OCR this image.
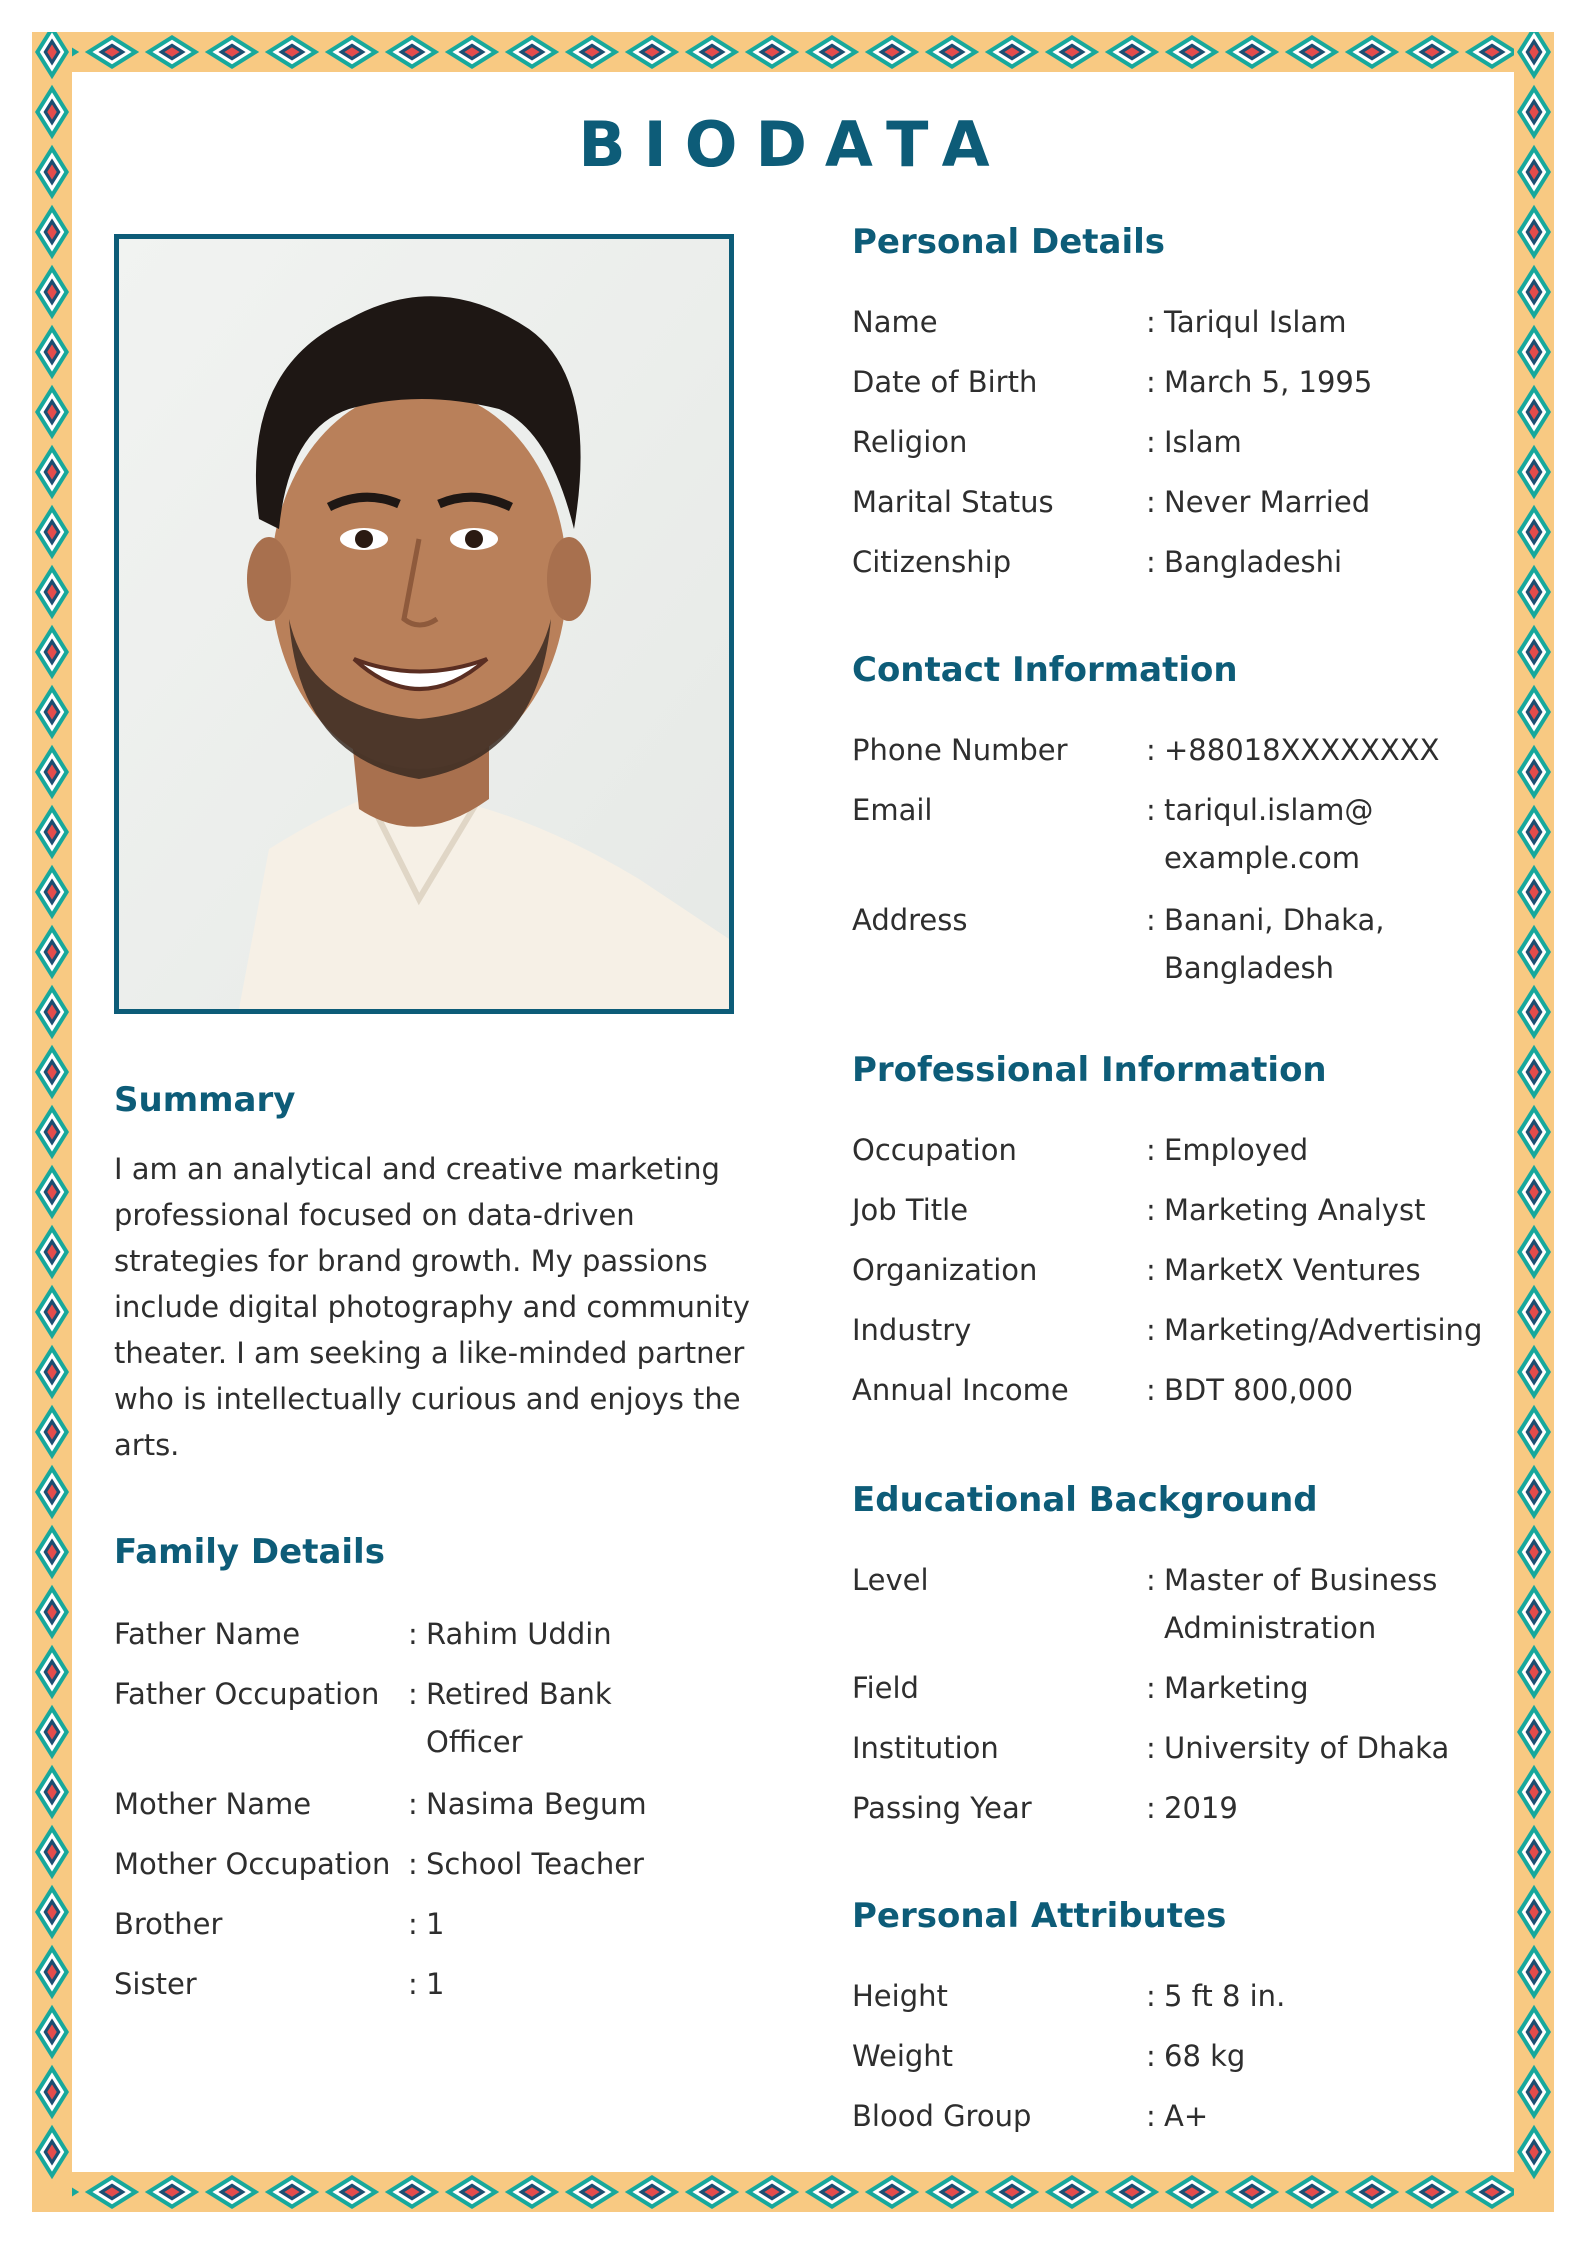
BIODATA
Summary

I am an analytical and creative marketing professional focused on data-driven strategies for brand growth. My passions include digital photography and community theater. I am seeking a like-minded partner who is intellectually curious and enjoys the arts.

Family Details
Father Name	: Rahim Uddin
Father Occupation : Retired Bank
Officer
Mother Name	: Nasima Begum
Mother Occupation : School Teacher
Brother	: 1
Sister	: 1
Personal Details
Name	: Tariqul Islam
Date of Birth	: March 5, 1995
Religion	: Islam
Marital Status	: Never Married
Citizenship	: Bangladeshi
Contact Information
Phone Number	: +88018XXXXXXXX
Email	: tariqul.islam@
example.com
Address	: Banani, Dhaka,
Bangladesh
Professional Information
Occupation	: Employed
Job Title	: Marketing Analyst
Organization	: MarketX Ventures
Industry	: Marketing/Advertising
Annual Income	: BDT 800,000
Educational Background
Level	: Master of Business
Administration
Field	: Marketing
Institution	: University of Dhaka
Passing Year	: 2019
Personal Attributes
Height	: 5 ft 8 in.
Weight	: 68 kg
Blood Group	: A+
